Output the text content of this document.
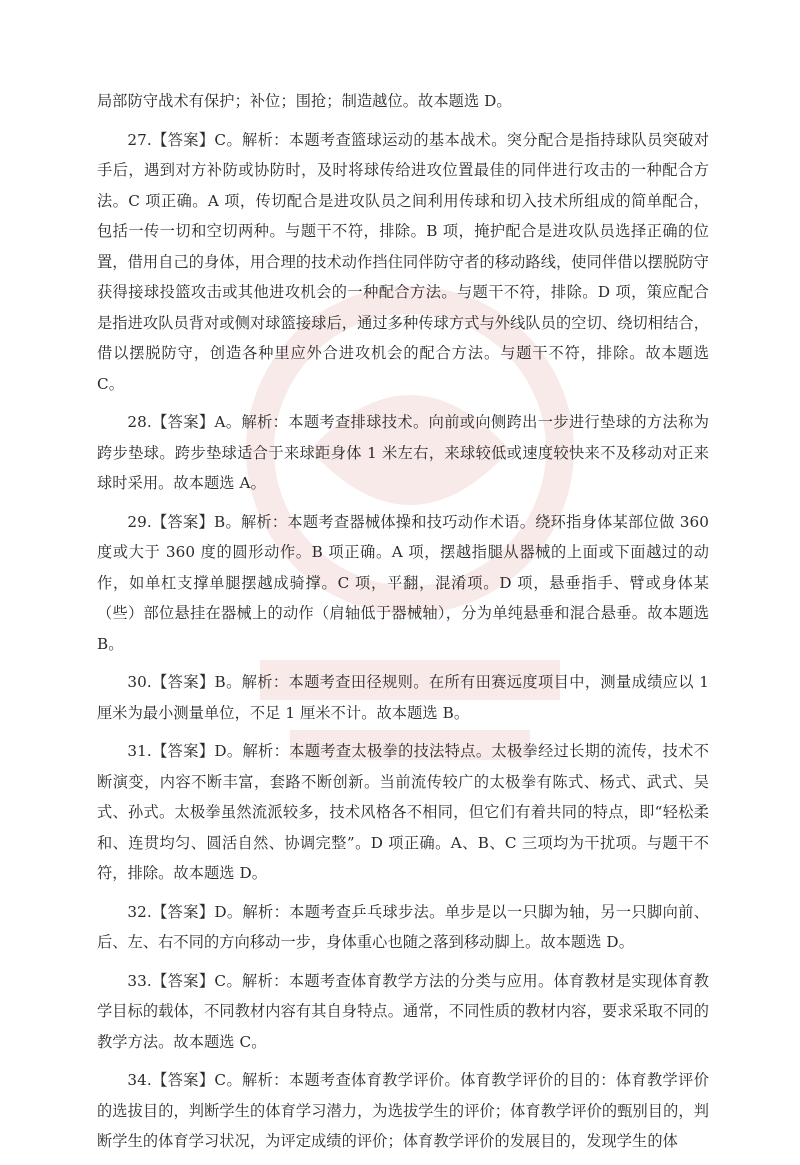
局部防守战术有保护；补位；围抢；制造越位。故本题选 D。

27.【答案】C。解析：本题考查篮球运动的基本战术。突分配合是指持球队员突破对手后，遇到对方补防或协防时，及时将球传给进攻位置最佳的同伴进行攻击的一种配合方法。C 项正确。A 项，传切配合是进攻队员之间利用传球和切入技术所组成的简单配合，包括一传一切和空切两种。与题干不符，排除。B 项，掩护配合是进攻队员选择正确的位置，借用自己的身体，用合理的技术动作挡住同伴防守者的移动路线，使同伴借以摆脱防守获得接球投篮攻击或其他进攻机会的一种配合方法。与题干不符，排除。D 项，策应配合是指进攻队员背对或侧对球篮接球后，通过多种传球方式与外线队员的空切、绕切相结合，借以摆脱防守，创造各种里应外合进攻机会的配合方法。与题干不符，排除。故本题选 C。

28.【答案】A。解析：本题考查排球技术。向前或向侧跨出一步进行垫球的方法称为跨步垫球。跨步垫球适合于来球距身体 1 米左右，来球较低或速度较快来不及移动对正来球时采用。故本题选 A。

29.【答案】B。解析：本题考查器械体操和技巧动作术语。绕环指身体某部位做 360 度或大于 360 度的圆形动作。B 项正确。A 项，摆越指腿从器械的上面或下面越过的动作，如单杠支撑单腿摆越成骑撑。C 项，平翻，混淆项。D 项，悬垂指手、臂或身体某（些）部位悬挂在器械上的动作（肩轴低于器械轴），分为单纯悬垂和混合悬垂。故本题选 B。

30.【答案】B。解析：本题考查田径规则。在所有田赛远度项目中，测量成绩应以 1 厘米为最小测量单位，不足 1 厘米不计。故本题选 B。

31.【答案】D。解析：本题考查太极拳的技法特点。太极拳经过长期的流传，技术不断演变，内容不断丰富，套路不断创新。当前流传较广的太极拳有陈式、杨式、武式、吴式、孙式。太极拳虽然流派较多，技术风格各不相同，但它们有着共同的特点，即“轻松柔和、连贯均匀、圆活自然、协调完整”。D 项正确。A、B、C 三项均为干扰项。与题干不符，排除。故本题选 D。

32.【答案】D。解析：本题考查乒乓球步法。单步是以一只脚为轴，另一只脚向前、后、左、右不同的方向移动一步，身体重心也随之落到移动脚上。故本题选 D。

33.【答案】C。解析：本题考查体育教学方法的分类与应用。体育教材是实现体育教学目标的载体，不同教材内容有其自身特点。通常，不同性质的教材内容，要求采取不同的教学方法。故本题选 C。

34.【答案】C。解析：本题考查体育教学评价。体育教学评价的目的：体育教学评价的选拔目的，判断学生的体育学习潜力，为选拔学生的评价；体育教学评价的甄别目的，判断学生的体育学习状况，为评定成绩的评价；体育教学评价的发展目的，发现学生的体
